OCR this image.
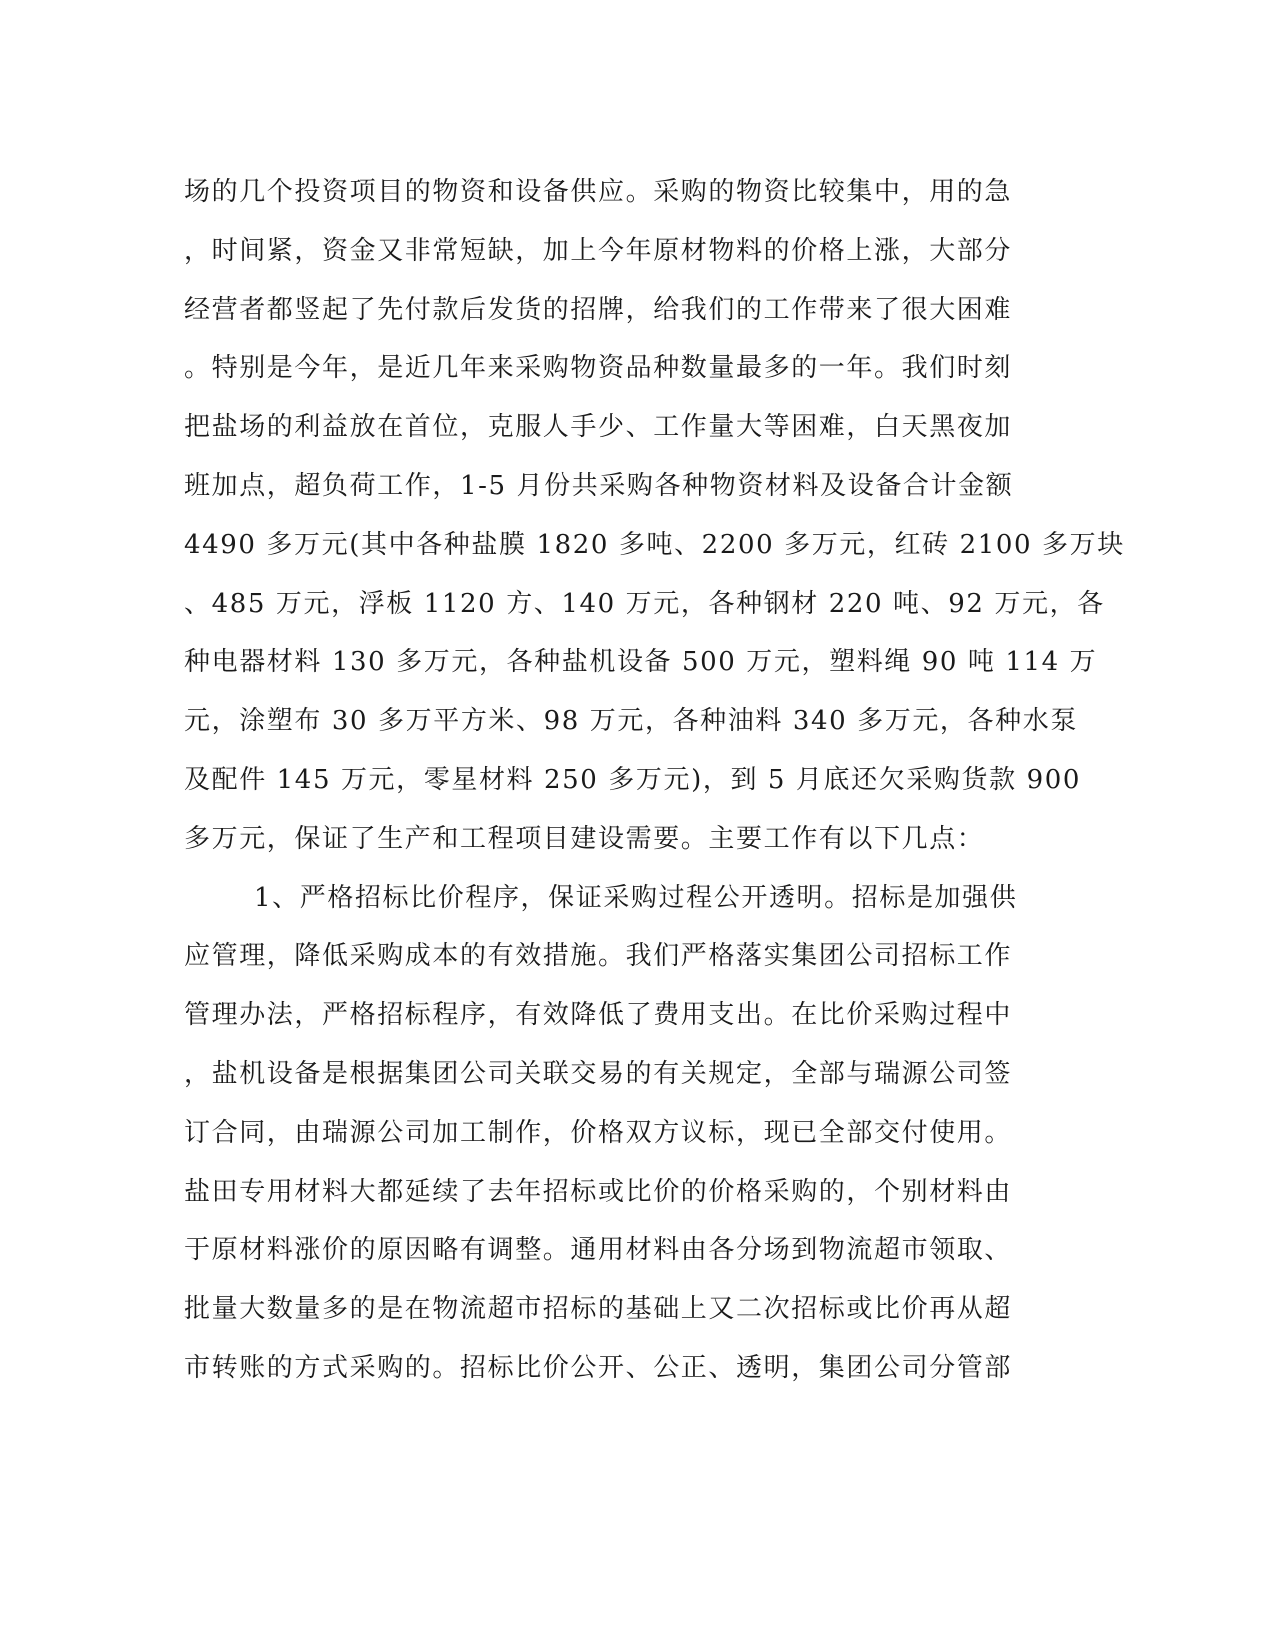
场的几个投资项目的物资和设备供应。采购的物资比较集中，用的急
，时间紧，资金又非常短缺，加上今年原材物料的价格上涨，大部分
经营者都竖起了先付款后发货的招牌，给我们的工作带来了很大困难
。特别是今年，是近几年来采购物资品种数量最多的一年。我们时刻
把盐场的利益放在首位，克服人手少、工作量大等困难，白天黑夜加
班加点，超负荷工作，1-5 月份共采购各种物资材料及设备合计金额
4490 多万元(其中各种盐膜 1820 多吨、2200 多万元，红砖 2100 多万块
、485 万元，浮板 1120 方、140 万元，各种钢材 220 吨、92 万元，各
种电器材料 130 多万元，各种盐机设备 500 万元，塑料绳 90 吨 114 万
元，涂塑布 30 多万平方米、98 万元，各种油料 340 多万元，各种水泵
及配件 145 万元，零星材料 250 多万元)，到 5 月底还欠采购货款 900
多万元，保证了生产和工程项目建设需要。主要工作有以下几点：
1、严格招标比价程序，保证采购过程公开透明。招标是加强供
应管理，降低采购成本的有效措施。我们严格落实集团公司招标工作
管理办法，严格招标程序，有效降低了费用支出。在比价采购过程中
，盐机设备是根据集团公司关联交易的有关规定，全部与瑞源公司签
订合同，由瑞源公司加工制作，价格双方议标，现已全部交付使用。
盐田专用材料大都延续了去年招标或比价的价格采购的，个别材料由
于原材料涨价的原因略有调整。通用材料由各分场到物流超市领取、
批量大数量多的是在物流超市招标的基础上又二次招标或比价再从超
市转账的方式采购的。招标比价公开、公正、透明，集团公司分管部
